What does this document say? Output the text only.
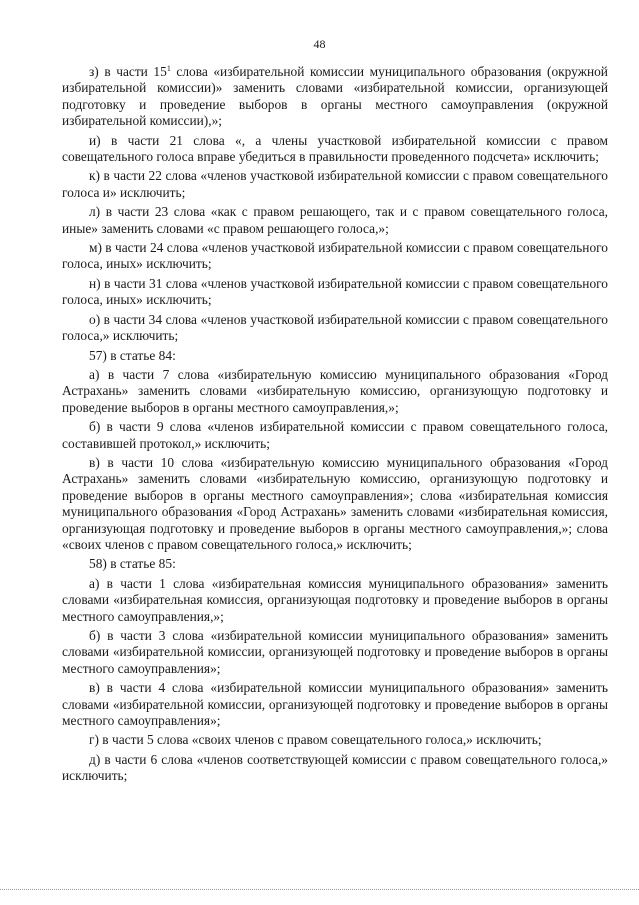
48

з) в части $15^1$ слова «избирательной комиссии муниципального образования (окружной избирательной комиссии)» заменить словами «избирательной комиссии, организующей подготовку и проведение выборов в органы местного самоуправления (окружной избирательной комиссии),»;

и) в части 21 слова «, а члены участковой избирательной комиссии с правом совещательного голоса вправе убедиться в правильности проведенного подсчета» исключить;

к) в части 22 слова «членов участковой избирательной комиссии с правом совещательного голоса и» исключить;

л) в части 23 слова «как с правом решающего, так и с правом совещательного голоса, иные» заменить словами «с правом решающего голоса,»;

м) в части 24 слова «членов участковой избирательной комиссии с правом совещательного голоса, иных» исключить;

н) в части 31 слова «членов участковой избирательной комиссии с правом совещательного голоса, иных» исключить;

о) в части 34 слова «членов участковой избирательной комиссии с правом совещательного голоса,» исключить;

57) в статье 84:

а) в части 7 слова «избирательную комиссию муниципального образования «Город Астрахань» заменить словами «избирательную комиссию, организующую подготовку и проведение выборов в органы местного самоуправления,»;

б) в части 9 слова «членов избирательной комиссии с правом совещательного голоса, составившей протокол,» исключить;

в) в части 10 слова «избирательную комиссию муниципального образования «Город Астрахань» заменить словами «избирательную комиссию, организующую подготовку и проведение выборов в органы местного самоуправления»; слова «избирательная комиссия муниципального образования «Город Астрахань» заменить словами «избирательная комиссия, организующая подготовку и проведение выборов в органы местного самоуправления,»; слова «своих членов с правом совещательного голоса,» исключить;

58) в статье 85:

а) в части 1 слова «избирательная комиссия муниципального образования» заменить словами «избирательная комиссия, организующая подготовку и проведение выборов в органы местного самоуправления,»;

б) в части 3 слова «избирательной комиссии муниципального образования» заменить словами «избирательной комиссии, организующей подготовку и проведение выборов в органы местного самоуправления»;

в) в части 4 слова «избирательной комиссии муниципального образования» заменить словами «избирательной комиссии, организующей подготовку и проведение выборов в органы местного самоуправления»;

г) в части 5 слова «своих членов с правом совещательного голоса,» исключить;

д) в части 6 слова «членов соответствующей комиссии с правом совещательного голоса,» исключить;
